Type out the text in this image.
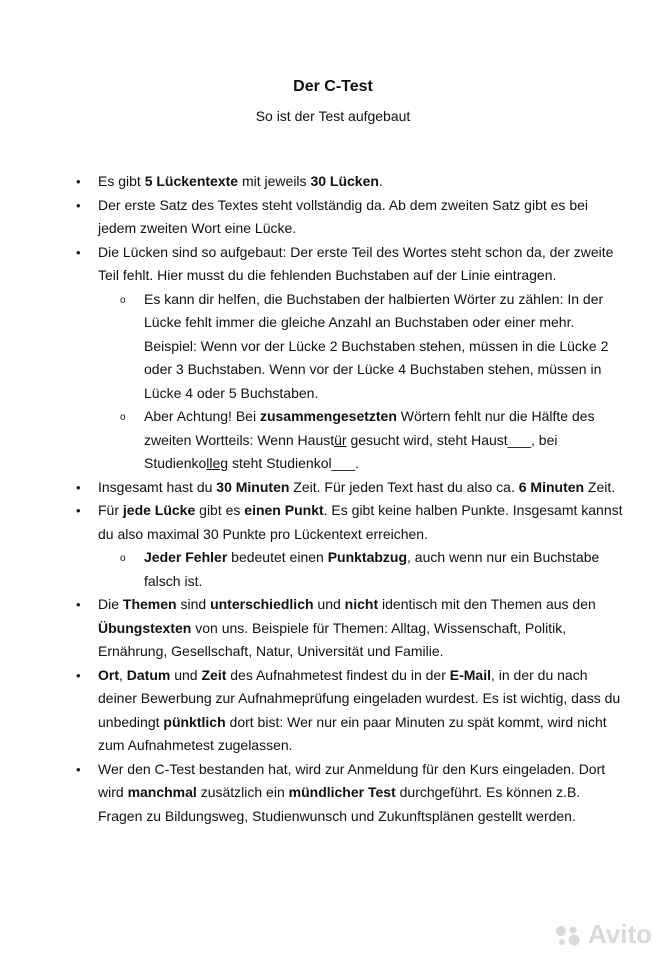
Der C-Test
So ist der Test aufgebaut
• Es gibt 5 Lückentexte mit jeweils 30 Lücken.
• Der erste Satz des Textes steht vollständig da. Ab dem zweiten Satz gibt es bei jedem zweiten Wort eine Lücke.
• Die Lücken sind so aufgebaut: Der erste Teil des Wortes steht schon da, der zweite Teil fehlt. Hier musst du die fehlenden Buchstaben auf der Linie eintragen.
o Es kann dir helfen, die Buchstaben der halbierten Wörter zu zählen: In der Lücke fehlt immer die gleiche Anzahl an Buchstaben oder einer mehr. Beispiel: Wenn vor der Lücke 2 Buchstaben stehen, müssen in die Lücke 2 oder 3 Buchstaben. Wenn vor der Lücke 4 Buchstaben stehen, müssen in Lücke 4 oder 5 Buchstaben.
o Aber Achtung! Bei zusammengesetzten Wörtern fehlt nur die Hälfte des zweiten Wortteils: Wenn Haustür gesucht wird, steht Haust___, bei Studienkolleg steht Studienkol___.
• Insgesamt hast du 30 Minuten Zeit. Für jeden Text hast du also ca. 6 Minuten Zeit.
• Für jede Lücke gibt es einen Punkt. Es gibt keine halben Punkte. Insgesamt kannst du also maximal 30 Punkte pro Lückentext erreichen.
o Jeder Fehler bedeutet einen Punktabzug, auch wenn nur ein Buchstabe falsch ist.
• Die Themen sind unterschiedlich und nicht identisch mit den Themen aus den Übungstexten von uns. Beispiele für Themen: Alltag, Wissenschaft, Politik, Ernährung, Gesellschaft, Natur, Universität und Familie.
• Ort, Datum und Zeit des Aufnahmetest findest du in der E-Mail, in der du nach deiner Bewerbung zur Aufnahmeprüfung eingeladen wurdest. Es ist wichtig, dass du unbedingt pünktlich dort bist: Wer nur ein paar Minuten zu spät kommt, wird nicht zum Aufnahmetest zugelassen.
• Wer den C-Test bestanden hat, wird zur Anmeldung für den Kurs eingeladen. Dort wird manchmal zusätzlich ein mündlicher Test durchgeführt. Es können z.B. Fragen zu Bildungsweg, Studienwunsch und Zukunftsplänen gestellt werden.
Avito
